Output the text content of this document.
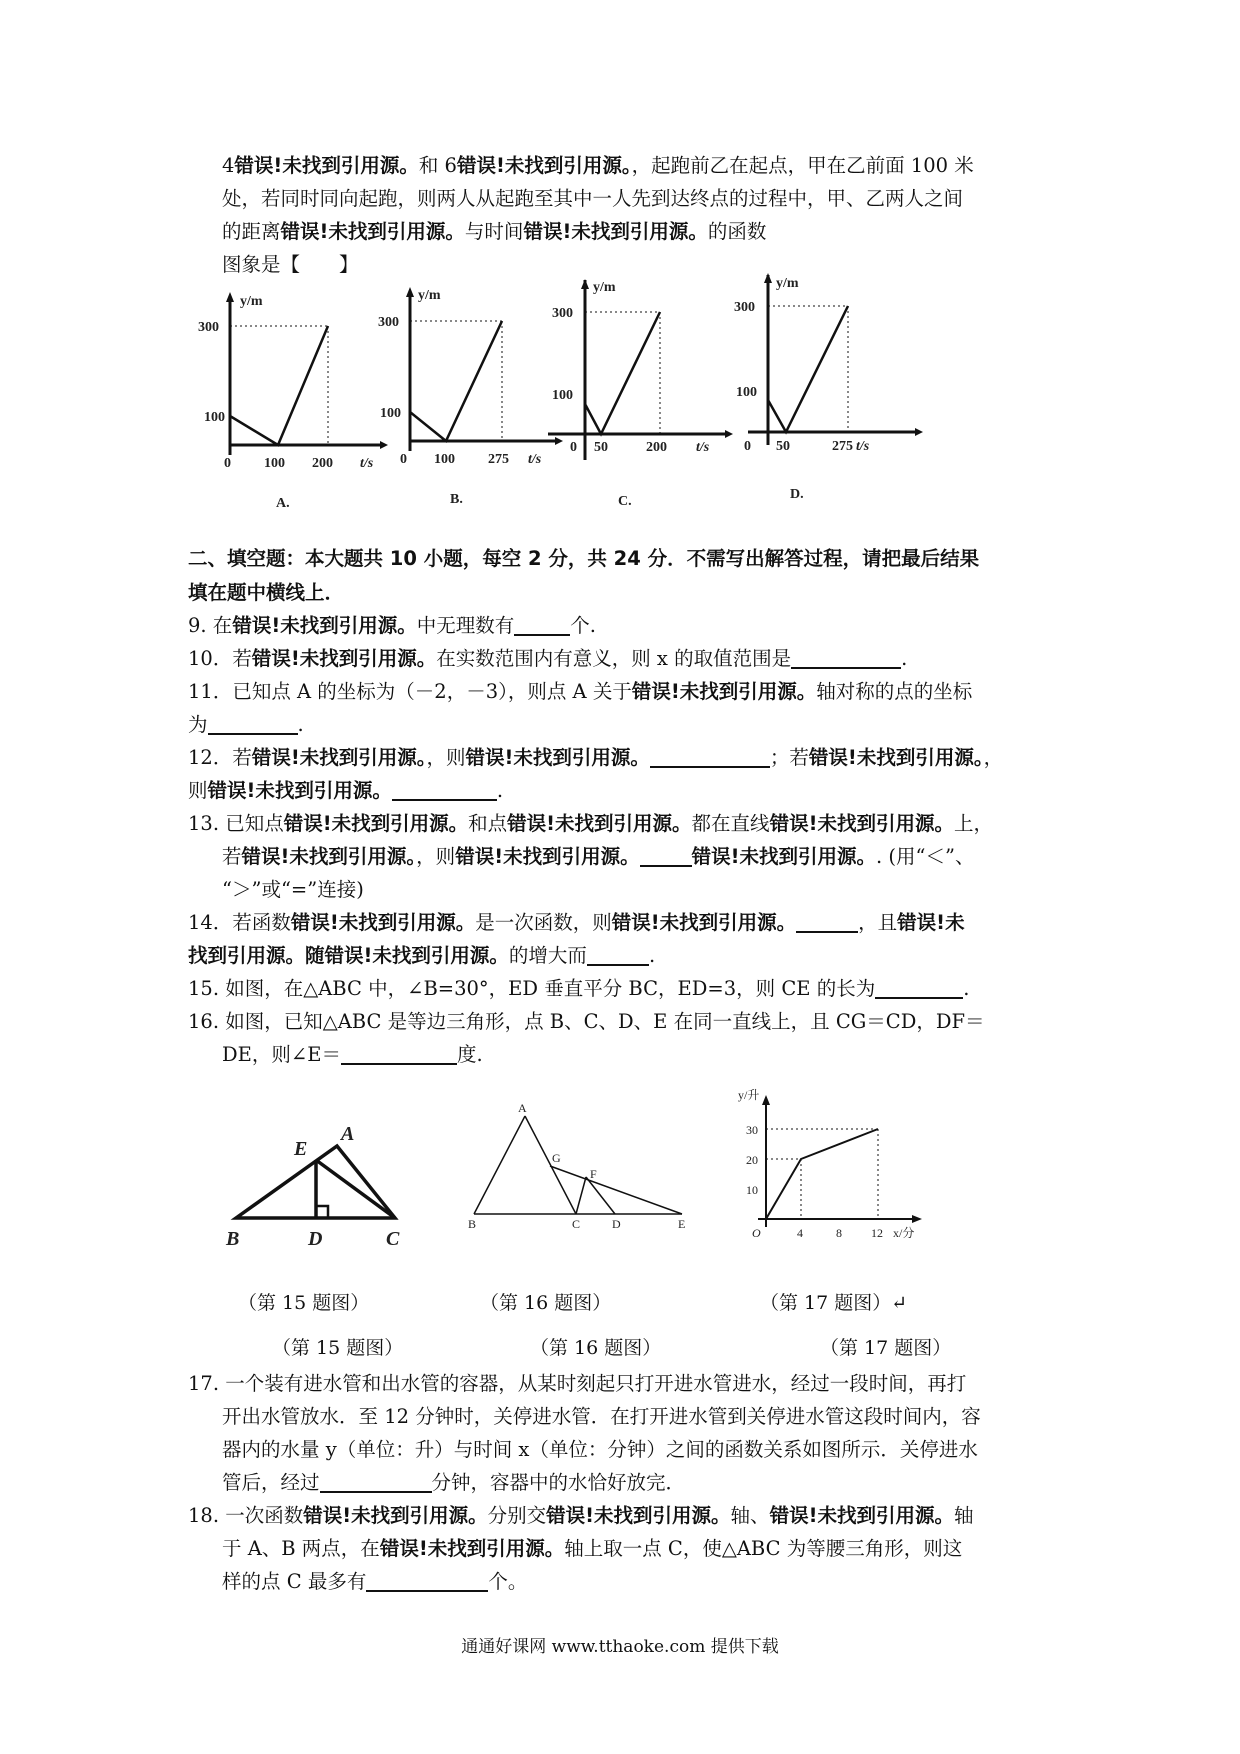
4错误!未找到引用源。和 6错误!未找到引用源。，起跑前乙在起点，甲在乙前面 100 米
处，若同时同向起跑，则两人从起跑至其中一人先到达终点的过程中，甲、乙两人之间
的距离错误!未找到引用源。与时间错误!未找到引用源。的函数
图象是【　　】
y/m
300
100
0 100 200 t/s
A.
y/m
300
100
0 100 275 t/s
B.
y/m
300
100
0 50	200 t/s
C.
y/m
300
100
0 50	275 t/s
D.
二、填空题：本大题共 10 小题，每空 2 分，共 24 分．不需写出解答过程，请把最后结果
填在题中横线上．
9. 在错误!未找到引用源。中无理数有	个.
10．若错误!未找到引用源。在实数范围内有意义，则 x 的取值范围是	.
11．已知点 A 的坐标为（－2，－3），则点 A 关于错误!未找到引用源。轴对称的点的坐标
为	.
12．若错误!未找到引用源。，则错误!未找到引用源。	；若错误!未找到引用源。，
则错误!未找到引用源。	.
13. 已知点错误!未找到引用源。和点错误!未找到引用源。都在直线错误!未找到引用源。上，
若错误!未找到引用源。，则错误!未找到引用源。	错误!未找到引用源。. (用“＜”、
“＞”或“=”连接)
14．若函数错误!未找到引用源。是一次函数，则错误!未找到引用源。	，且错误!未
找到引用源。随错误!未找到引用源。的增大而	.
15. 如图，在△ABC 中，∠B=30°，ED 垂直平分 BC，ED=3，则 CE 的长为	.
16. 如图，已知△ABC 是等边三角形，点 B、C、D、E 在同一直线上，且 CG＝CD，DF＝
DE，则∠E＝	度.
A
E
B	D	C
A
G
F
B	C	D	E
y/升
30
20
10
O	4	8 12 x/分
（第 15 题图）	（第 16 题图）	（第 17 题图）↵
（第 15 题图）	（第 16 题图）	（第 17 题图）
17. 一个装有进水管和出水管的容器，从某时刻起只打开进水管进水，经过一段时间，再打
开出水管放水．至 12 分钟时，关停进水管．在打开进水管到关停进水管这段时间内，容
器内的水量 y（单位：升）与时间 x（单位：分钟）之间的函数关系如图所示．关停进水
管后，经过	分钟，容器中的水恰好放完．
18. 一次函数错误!未找到引用源。分别交错误!未找到引用源。轴、错误!未找到引用源。轴
于 A、B 两点，在错误!未找到引用源。轴上取一点 C，使△ABC 为等腰三角形，则这
样的点 C 最多有	个。
通通好课网 www.tthaoke.com 提供下载
